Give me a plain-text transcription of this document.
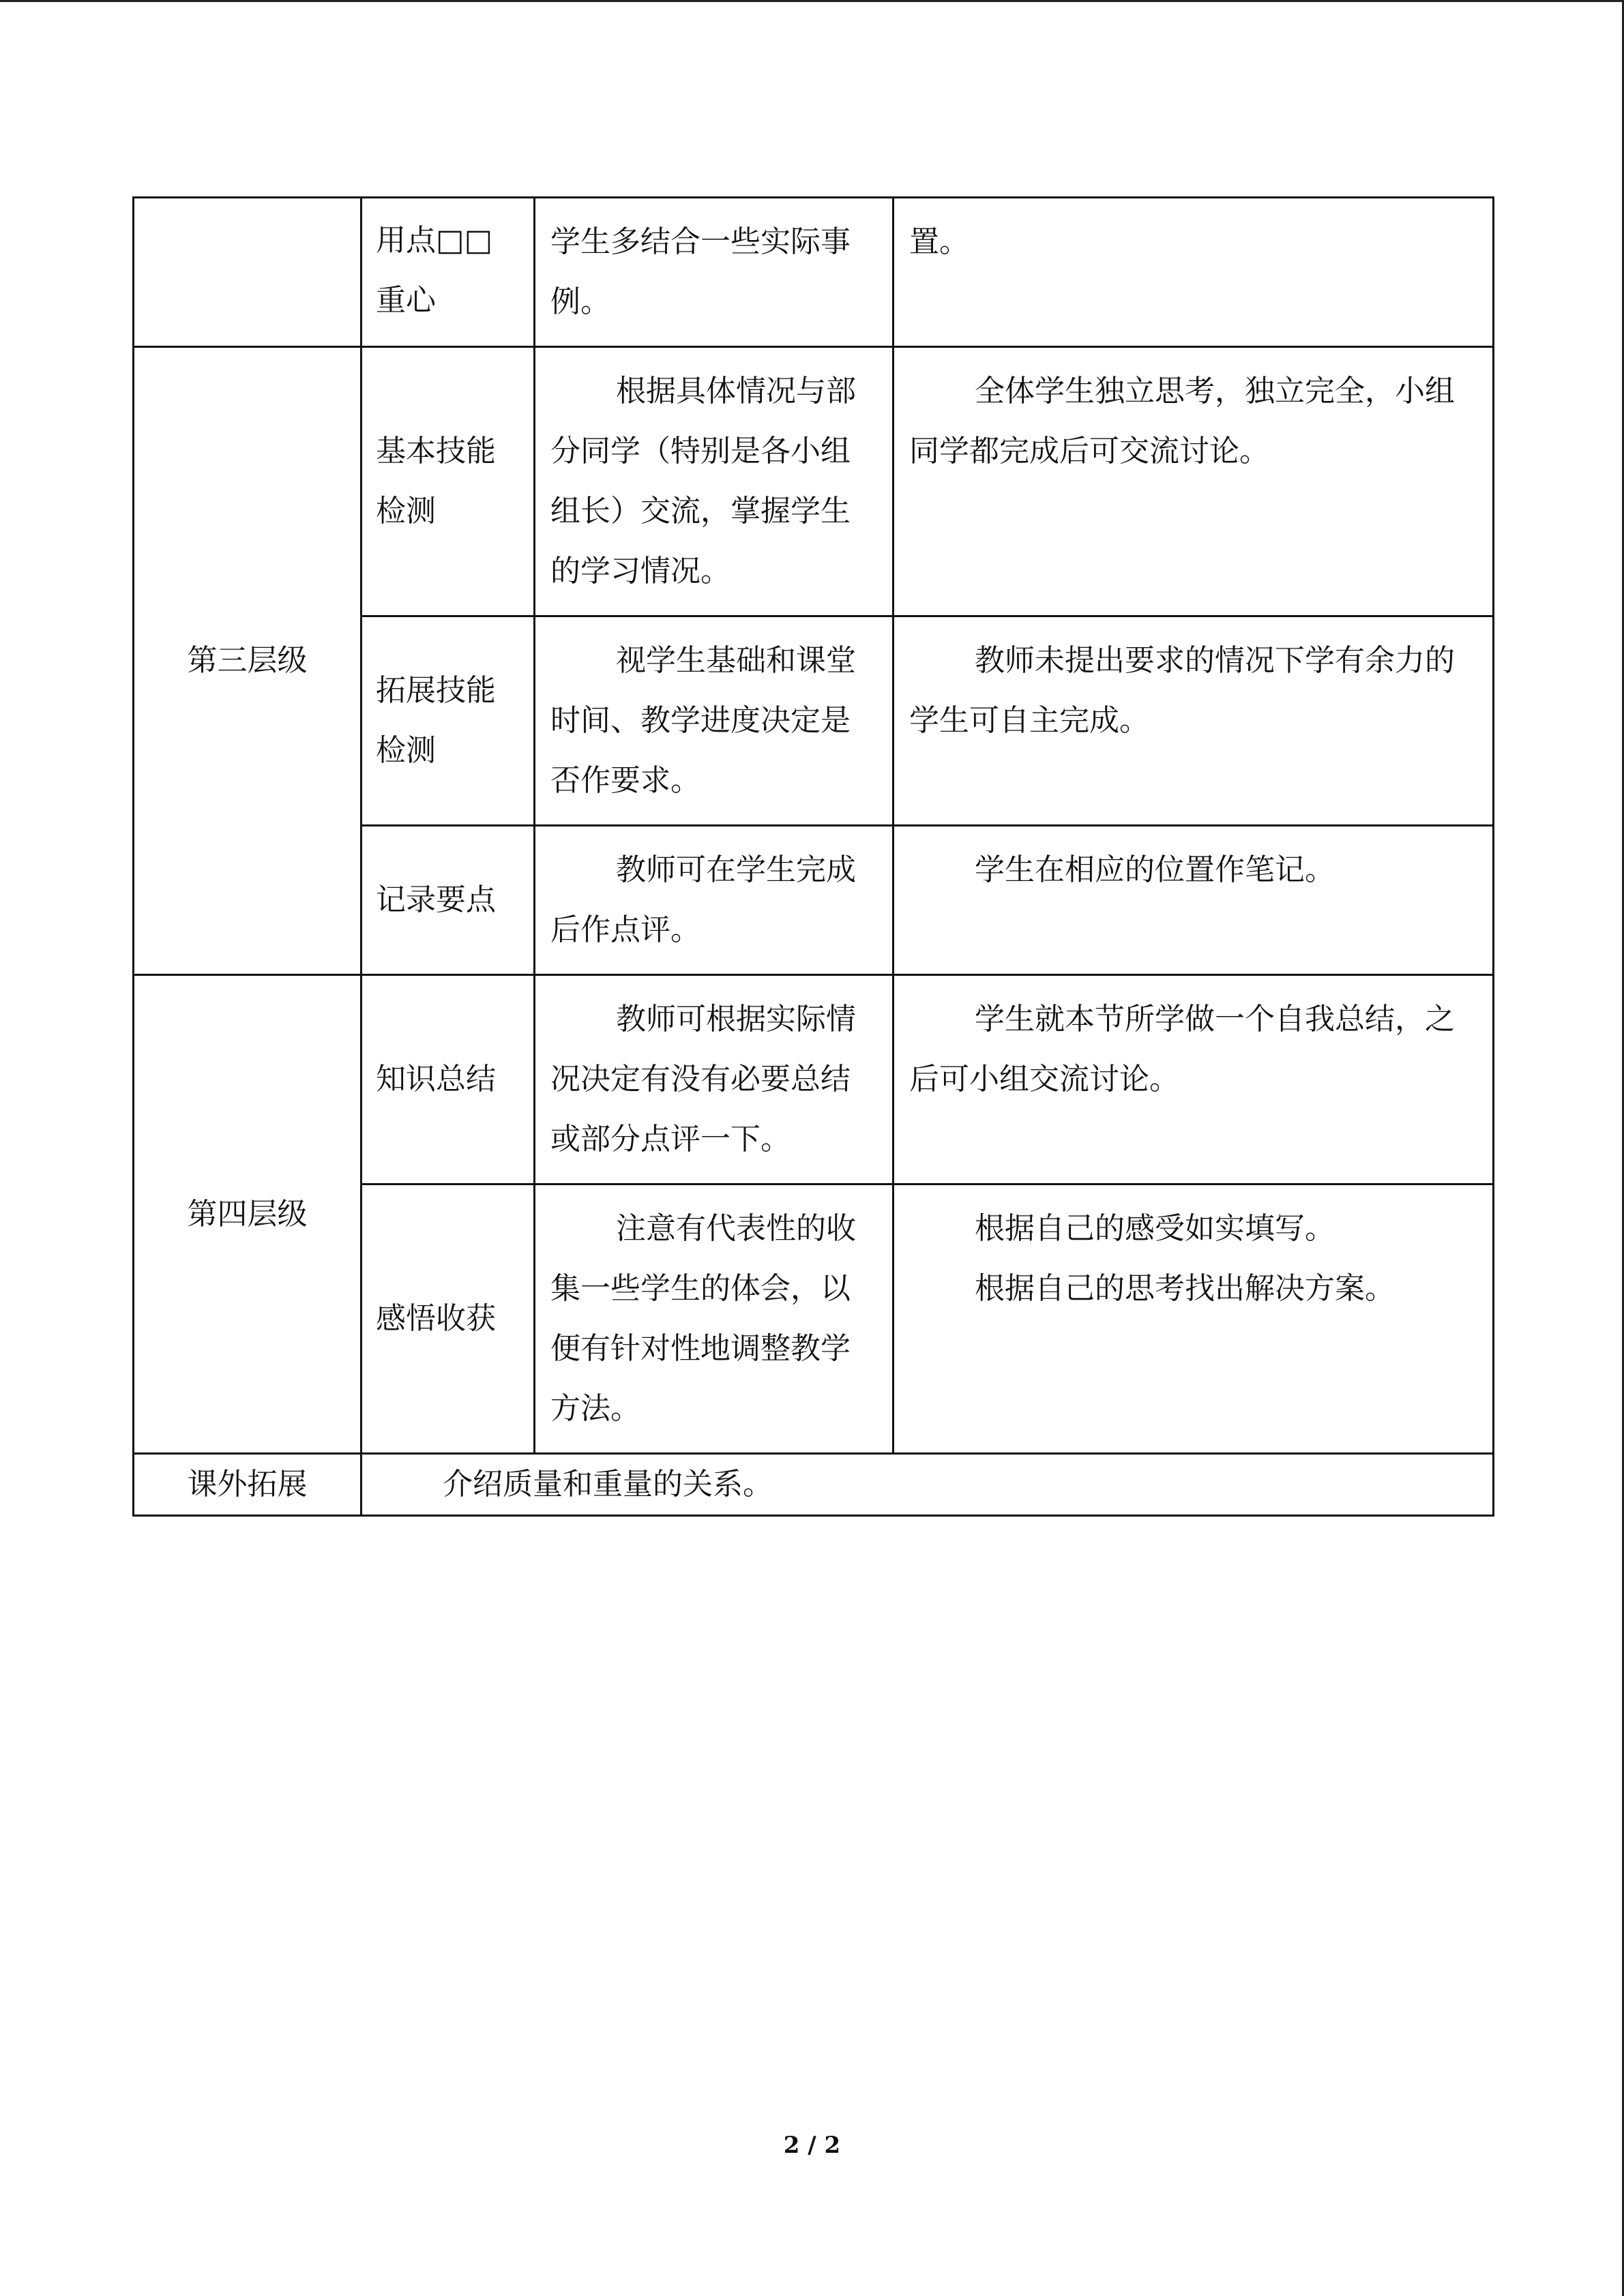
	用点□□重心	学生多结合一些实际事例。	置。
第三层级	基本技能检测	根据具体情况与部分同学（特别是各小组组长）交流，掌握学生的学习情况。	全体学生独立思考，独立完全，小组同学都完成后可交流讨论。

	拓展技能检测	视学生基础和课堂时间、教学进度决定是否作要求。	教师未提出要求的情况下学有余力的学生可自主完成。

	记录要点	教师可在学生完成后作点评。	学生在相应的位置作笔记。

第四层级	知识总结	教师可根据实际情况决定有没有必要总结或部分点评一下。	学生就本节所学做一个自我总结，之后可小组交流讨论。

	感悟收获	注意有代表性的收集一些学生的体会，以便有针对性地调整教学方法。	根据自己的感受如实填写。
根据自己的思考找出解决方案。

课外拓展	介绍质量和重量的关系。		
2 / 2
